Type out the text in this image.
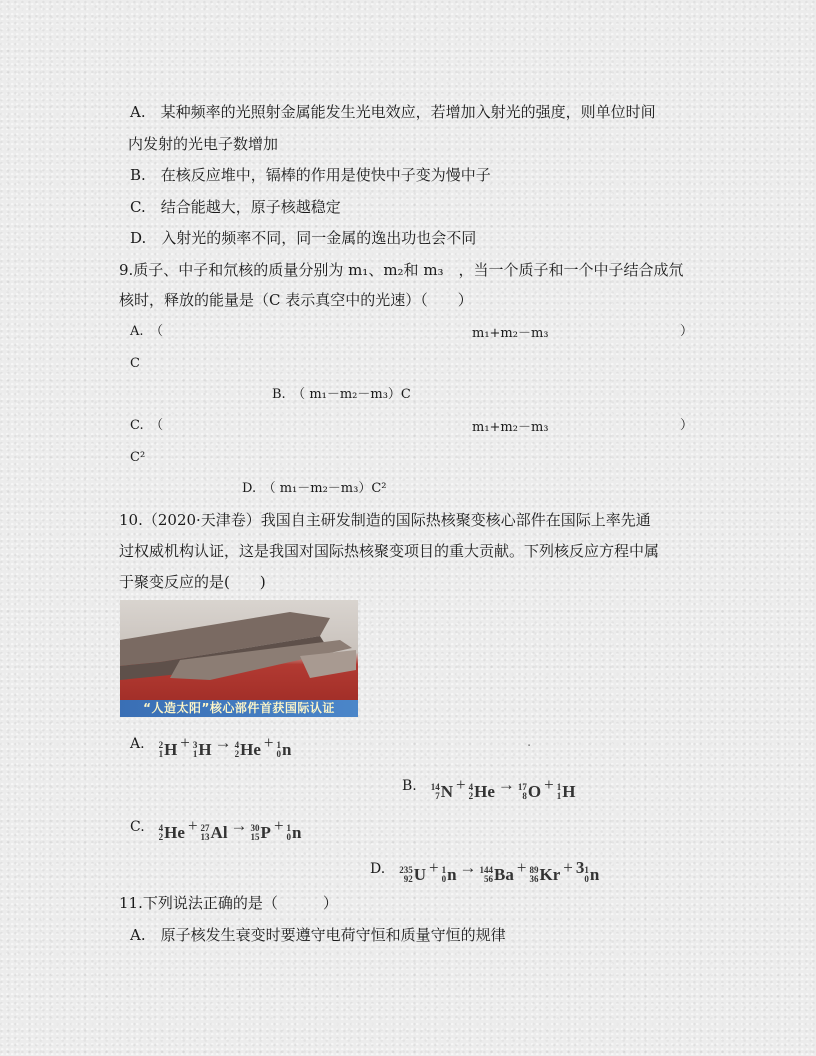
A.　某种频率的光照射金属能发生光电效应，若增加入射光的强度，则单位时间
内发射的光电子数增加
B.　在核反应堆中，镉棒的作用是使快中子变为慢中子
C.　结合能越大，原子核越稳定
D.　入射光的频率不同，同一金属的逸出功也会不同
9.质子、中子和氘核的质量分别为 m₁、m₂和 m₃　，当一个质子和一个中子结合成氘
核时，释放的能量是（C 表示真空中的光速）（　　）
A.　（	m₁+m₂－m₃	）
C
B.　（ m₁－m₂－m₃）C
C.　（	m₁+m₂－m₃	）
C²
D.　（ m₁－m₂－m₃）C²
10.（2020·天津卷）我国自主研发制造的国际热核聚变核心部件在国际上率先通
过权威机构认证，这是我国对国际热核聚变项目的重大贡献。下列核反应方程中属
于聚变反应的是(　　)
“人造太阳”核心部件首获国际认证
A. 2
1 H + 3
1 H → 4
2 He + 1
0 n	.
B. 14
7 N + 4
2 He → 17
8 O + 1
1 H
C. 4
2 He + 27
13 Al → 30
15 P + 1
0 n
D. 235
92 U + 1
0 n → 144
56 Ba + 89
36 Kr + 3 1
0 n
11.下列说法正确的是（　　　）
A.　原子核发生衰变时要遵守电荷守恒和质量守恒的规律
